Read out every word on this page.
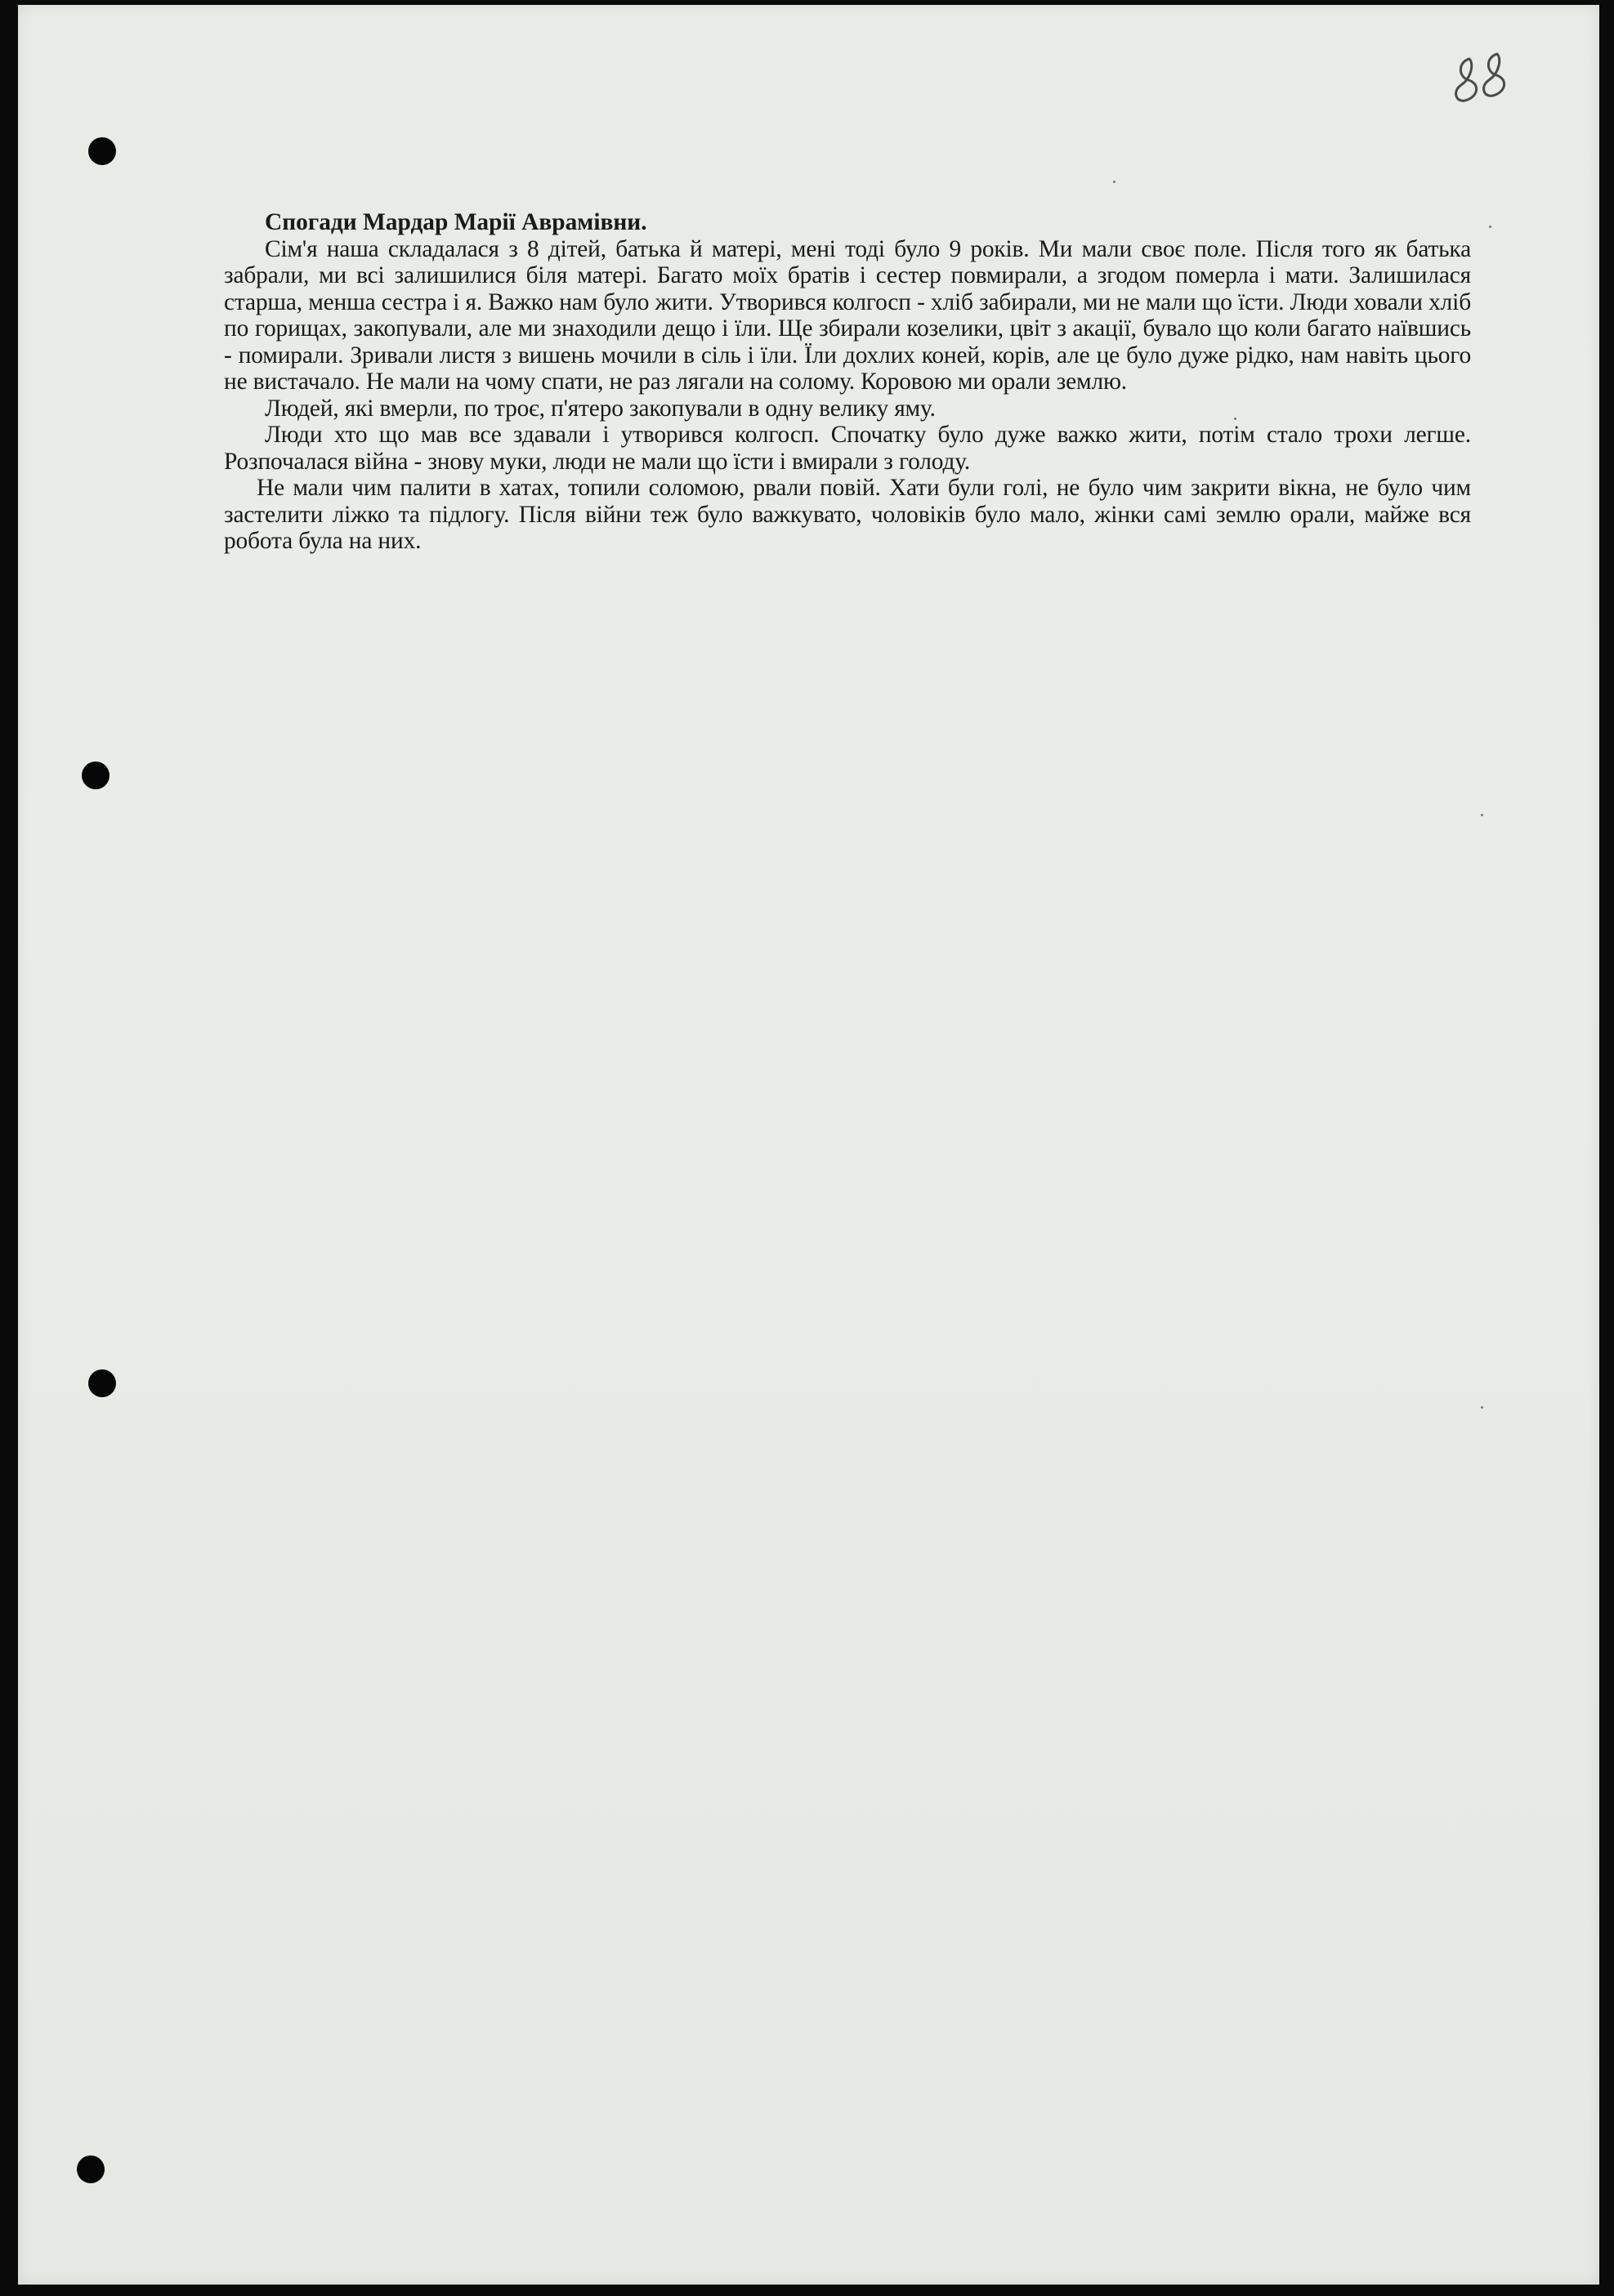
Спогади Мардар Марії Аврамівни.

Сім'я наша складалася з 8 дітей, батька й матері, мені тоді було 9 років. Ми мали своє поле. Після того як батька забрали, ми всі залишилися біля матері. Багато моїх братів і сестер повмирали, а згодом померла і мати. Залишилася старша, менша сестра і я. Важко нам було жити. Утворився колгосп - хліб забирали, ми не мали що їсти. Люди ховали хліб по горищах, закопували, але ми знаходили дещо і їли. Ще збирали козелики, цвіт з акації, бувало що коли багато наївшись - помирали. Зривали листя з вишень мочили в сіль і їли. Їли дохлих коней, корів, але це було дуже рідко, нам навіть цього не вистачало. Не мали на чому спати, не раз лягали на солому. Коровою ми орали землю.

Людей, які вмерли, по троє, п'ятеро закопували в одну велику яму.

Люди хто що мав все здавали і утворився колгосп. Спочатку було дуже важко жити, потім стало трохи легше. Розпочалася війна - знову муки, люди не мали що їсти і вмирали з голоду.

Не мали чим палити в хатах, топили соломою, рвали повій. Хати були голі, не було чим закрити вікна, не було чим застелити ліжко та підлогу. Після війни теж було важкувато, чоловіків було мало, жінки самі землю орали, майже вся робота була на них.
